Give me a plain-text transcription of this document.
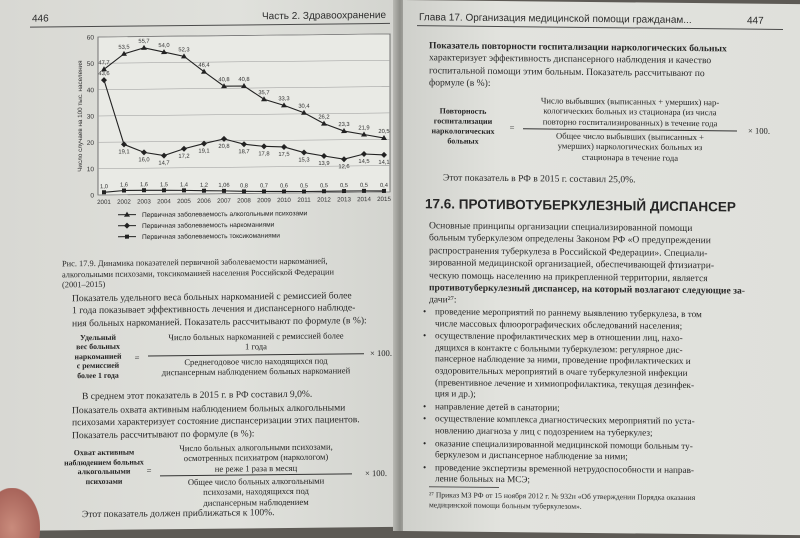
446	Часть 2. Здравоохранение
0
10
20
30
40
50
60
2001 2002 2003 2004 2005 2006 2007 2008 2009 2010 2011 2012 2013 2014 2015
Число случаев на 100 тыс. населения 47,7
53,5
55,7
54,0
52,3
46,4
40,8 40,8
35,7
33,3
30,4
26,2
23,3
21,9
20,5
43,6
19,1
16,0
14,7
17,2
19,1
20,8
18,7 17,8 17,5
15,3
13,9
12,6
14,5 14,1
1,0 1,6 1,6 1,5 1,4 1,2 1,06 0,8 0,7 0,6 0,5 0,5 0,5 0,5 0,4
Первичная заболеваемость алкогольными психозами
Первичная заболеваемость наркоманиями
Первичная заболеваемость токсикоманиями
Рис. 17.9. Динамика показателей первичной заболеваемости наркоманией,
алкогольными психозами, токсикоманией населения Российской Федерации
(2001–2015)
Показатель удельного веса больных наркоманией с ремиссией более
1 года показывает эффективность лечения и диспансерного наблюде-
ния больных наркоманией. Показатель рассчитывают по формуле (в %):
Удельный
вес больных
наркоманией
с ремиссией
более 1 года
=
Число больных наркоманией с ремиссией более
1 года
Среднегодовое число находящихся под
диспансерным наблюдением больных наркоманией
× 100.
В среднем этот показатель в 2015 г. в РФ составил 9,0%.
Показатель охвата активным наблюдением больных алкогольными
психозами характеризует состояние диспансеризации этих пациентов.
Показатель рассчитывают по формуле (в %):
Охват активным
наблюдением больных
алкогольными
психозами
=
Число больных алкогольными психозами,
осмотренных психиатром (наркологом)
не реже 1 раза в месяц
Общее число больных алкогольными
психозами, находящихся под
диспансерным наблюдением
× 100.
Этот показатель должен приближаться к 100%.
Глава 17. Организация медицинской помощи гражданам...	447
Показатель повторности госпитализации наркологических больных
характеризует эффективность диспансерного наблюдения и качество
госпитальной помощи этим больным. Показатель рассчитывают по
формуле (в %):
Повторность
госпитализации
наркологических
больных
=
Число выбывших (выписанных + умерших) нар-
кологических больных из стационара (из числа
повторно госпитализированных) в течение года
Общее число выбывших (выписанных +
умерших) наркологических больных из
стационара в течение года
× 100.
Этот показатель в РФ в 2015 г. составил 25,0%.
17.6. ПРОТИВОТУБЕРКУЛЕЗНЫЙ ДИСПАНСЕР
Основные принципы организации специализированной помощи
больным туберкулезом определены Законом РФ «О предупреждении
распространения туберкулеза в Российской Федерации». Специали-
зированной медицинской организацией, обеспечивающей фтизиатри-
ческую помощь населению на прикрепленной территории, является
противотуберкулезный диспансер, на который возлагают следующие за-
дачи²⁷:
• проведение мероприятий по раннему выявлению туберкулеза, в том
числе массовых флюорографических обследований населения;
• осуществление профилактических мер в отношении лиц, нахо-
дящихся в контакте с больными туберкулезом: регулярное дис-
пансерное наблюдение за ними, проведение профилактических и
оздоровительных мероприятий в очаге туберкулезной инфекции
(превентивное лечение и химиопрофилактика, текущая дезинфек-
ция и др.);
• направление детей в санатории;
• осуществление комплекса диагностических мероприятий по уста-
новлению диагноза у лиц с подозрением на туберкулез;
• оказание специализированной медицинской помощи больным ту-
беркулезом и диспансерное наблюдение за ними;
• проведение экспертизы временной нетрудоспособности и направ-
ление больных на МСЭ;
²⁷ Приказ МЗ РФ от 15 ноября 2012 г. № 932н «Об утверждении Порядка оказания
медицинской помощи больным туберкулезом».
